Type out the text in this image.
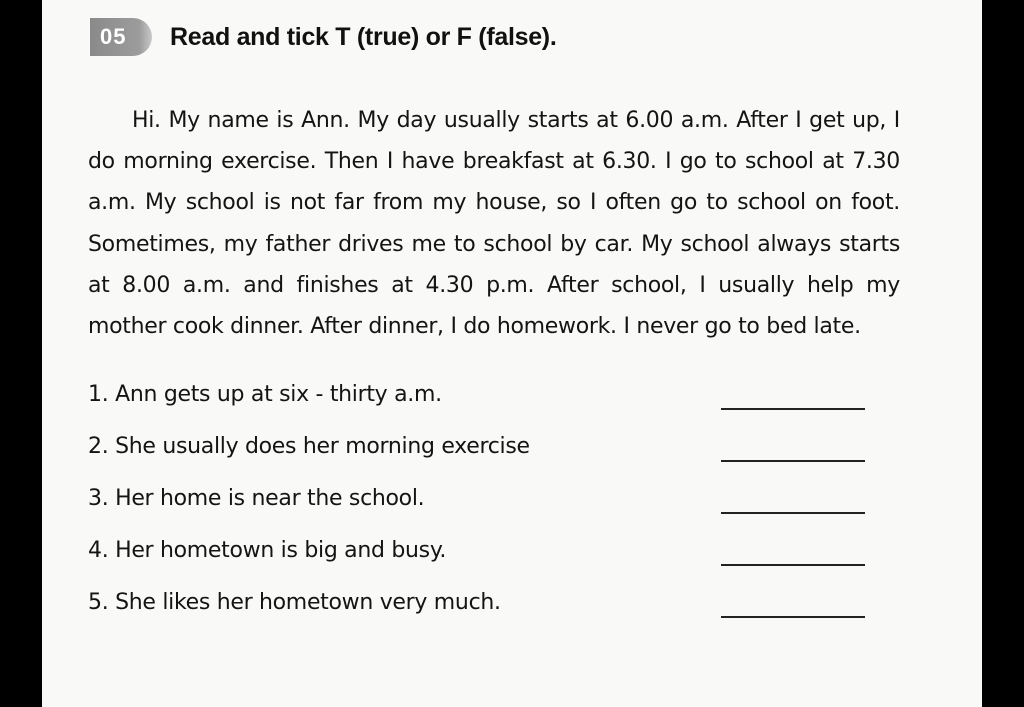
05	Read and tick T (true) or F (false).

Hi. My name is Ann. My day usually starts at 6.00 a.m. After I get up, I do morning exercise. Then I have breakfast at 6.30. I go to school at 7.30 a.m. My school is not far from my house, so I often go to school on foot. Sometimes, my father drives me to school by car. My school always starts at 8.00 a.m. and finishes at 4.30 p.m. After school, I usually help my mother cook dinner. After dinner, I do homework. I never go to bed late.

1. Ann gets up at six - thirty a.m.
2. She usually does her morning exercise
3. Her home is near the school.
4. Her hometown is big and busy.
5. She likes her hometown very much.
